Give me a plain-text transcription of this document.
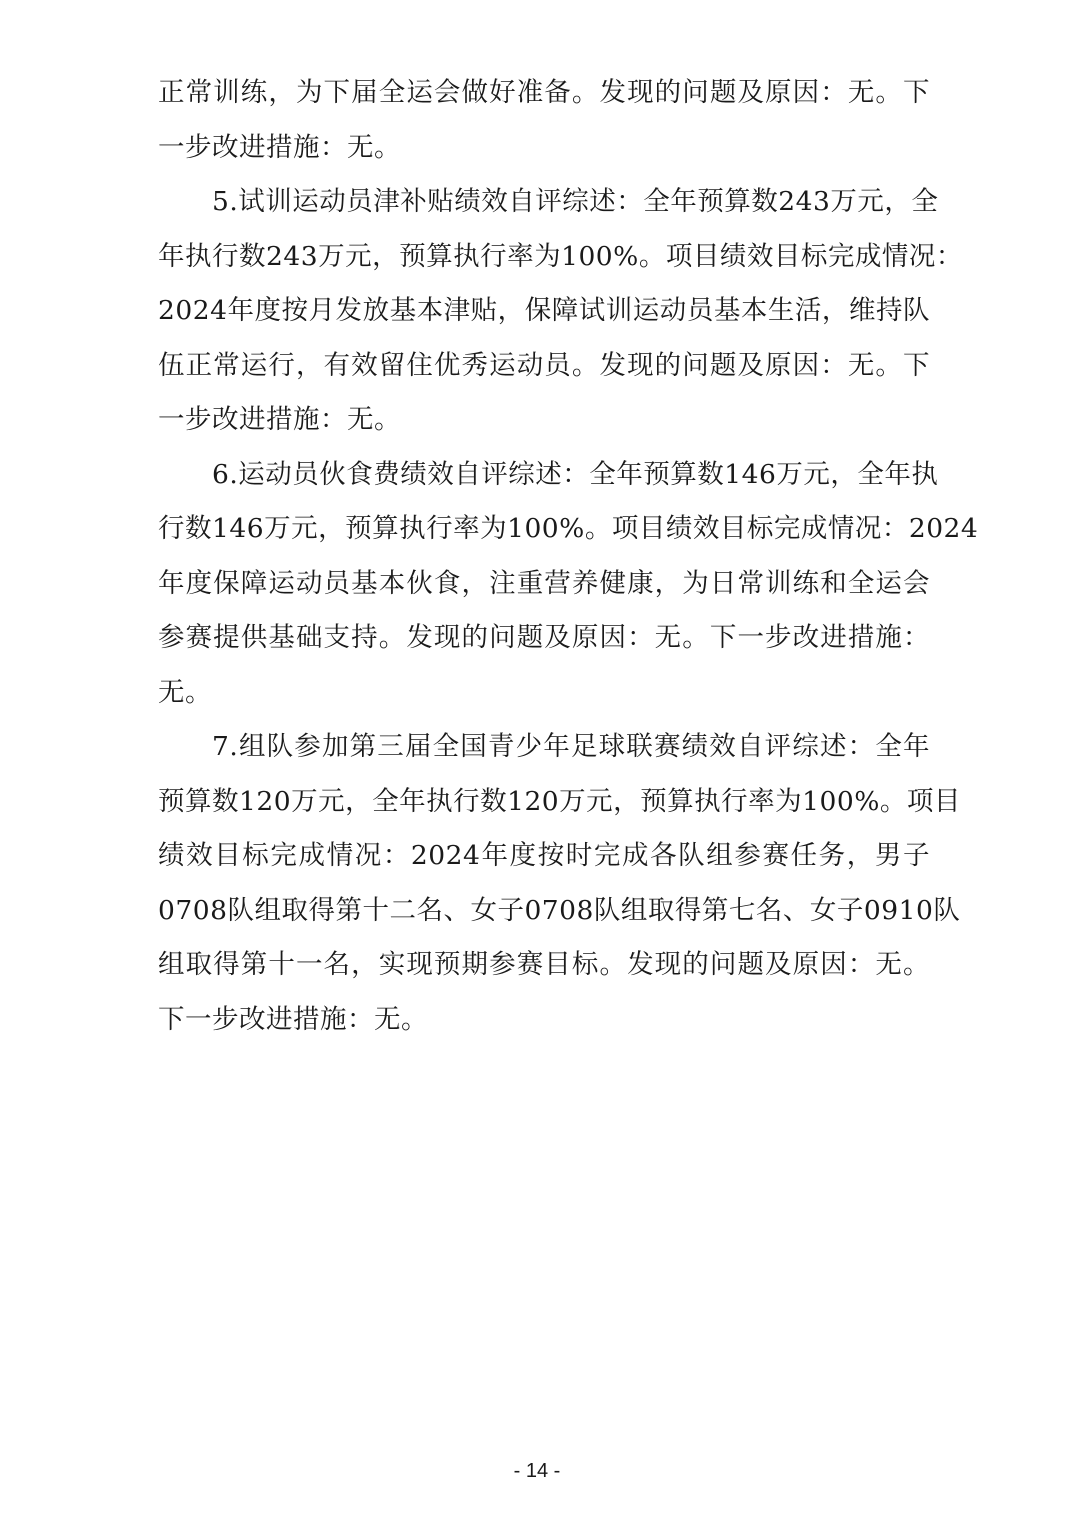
正常训练，为下届全运会做好准备。发现的问题及原因：无。下
一步改进措施：无。
5.试训运动员津补贴绩效自评综述：全年预算数243万元，全
年执行数243万元，预算执行率为100%。项目绩效目标完成情况：
2024年度按月发放基本津贴，保障试训运动员基本生活，维持队
伍正常运行，有效留住优秀运动员。发现的问题及原因：无。下
一步改进措施：无。
6.运动员伙食费绩效自评综述：全年预算数146万元，全年执
行数146万元，预算执行率为100%。项目绩效目标完成情况：2024
年度保障运动员基本伙食，注重营养健康，为日常训练和全运会
参赛提供基础支持。发现的问题及原因：无。下一步改进措施：
无。
7.组队参加第三届全国青少年足球联赛绩效自评综述：全年
预算数120万元，全年执行数120万元，预算执行率为100%。项目
绩效目标完成情况：2024年度按时完成各队组参赛任务，男子
0708队组取得第十二名、女子0708队组取得第七名、女子0910队
组取得第十一名，实现预期参赛目标。发现的问题及原因：无。
下一步改进措施：无。
- 14 -
